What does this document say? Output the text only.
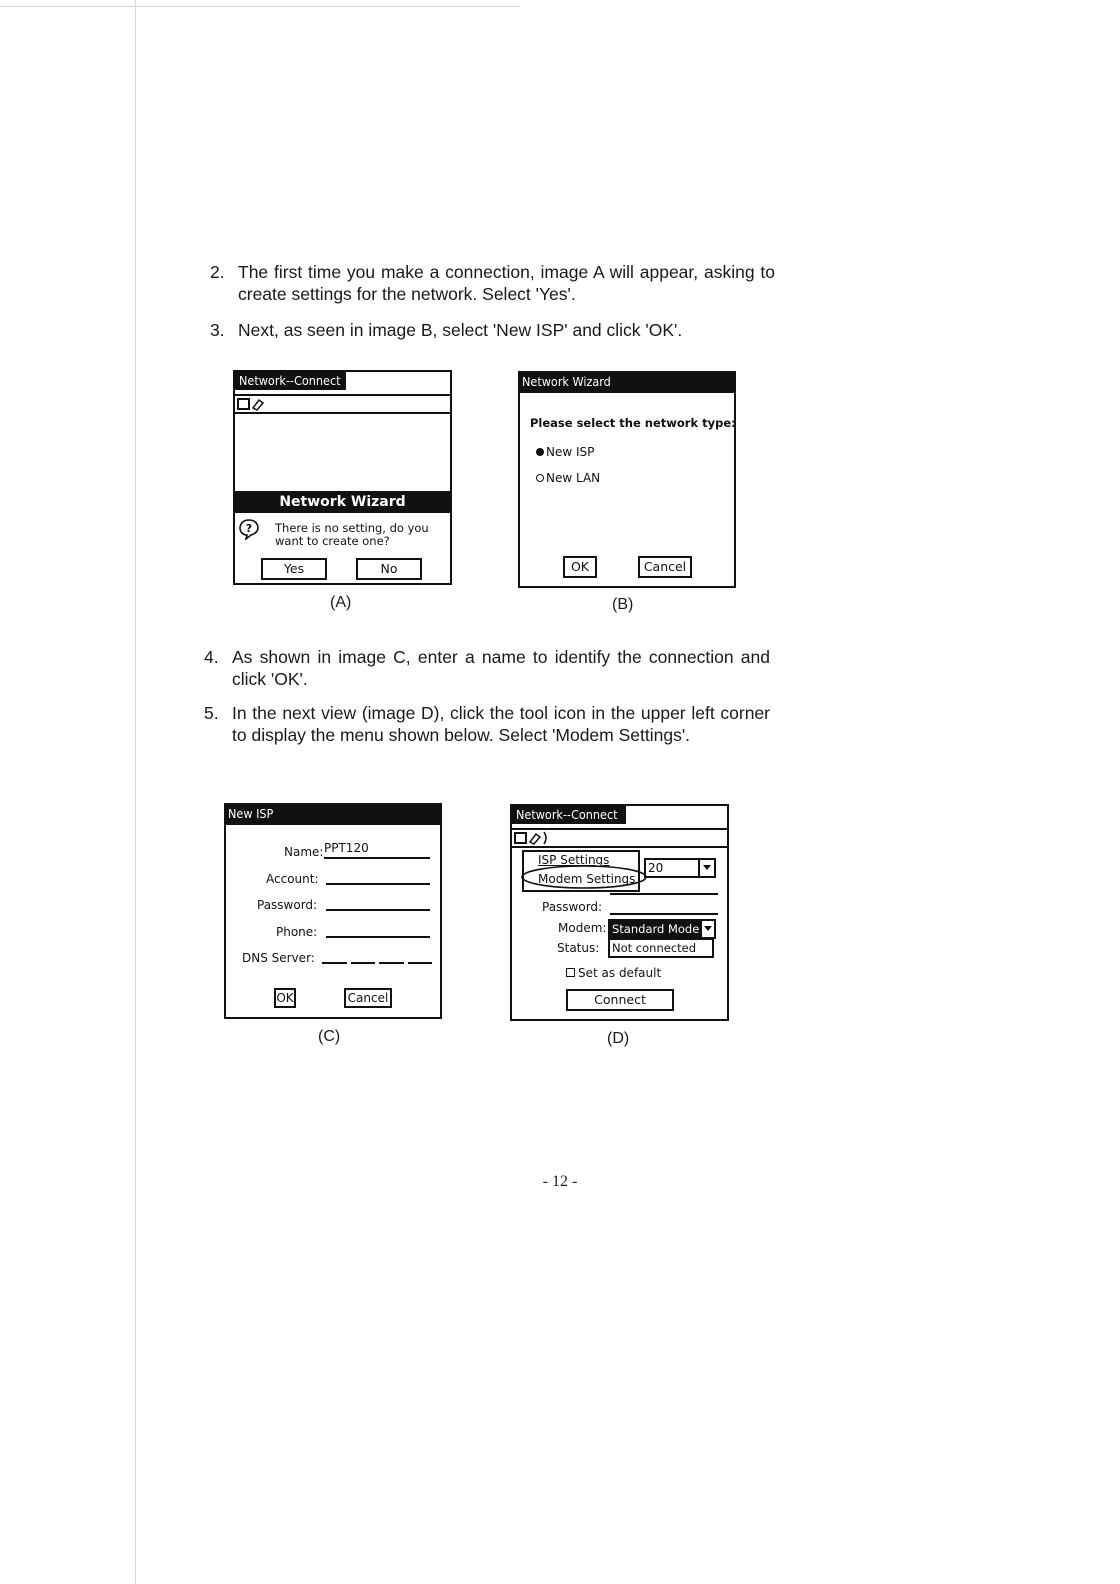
2. The first time you make a connection, image A will appear, asking to create settings for the network. Select 'Yes'.
3. Next, as seen in image B, select 'New ISP' and click 'OK'.
Network--Connect
Network Wizard
? There is no setting, do you want to create one?
Yes	No
(A)
Network Wizard
Please select the network type:
New ISP
New LAN
OK	Cancel
(B)
4. As shown in image C, enter a name to identify the connection and click 'OK'.
5. In the next view (image D), click the tool icon in the upper left corner to display the menu shown below. Select 'Modem Settings'.
New ISP
Name: PPT120
Account:
Password:
Phone:
DNS Server:
OK	Cancel
(C)
Network--Connect
ISP Settings
Modem Settings
20
Password:
Modem: Standard Mode
Status: Not connected
Set as default
Connect
(D)
- 12 -
